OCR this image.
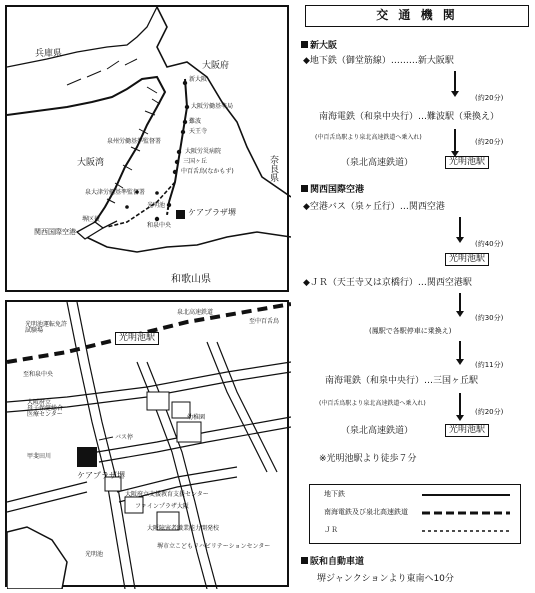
兵庫県
大阪府
奈良県
和歌山県
大阪湾
関西国際空港
新大阪
大阪労働基準局
難波
天王寺
大阪労災病院
三国ヶ丘
中百舌鳥(なかもず)
光明池
和泉中央
泉州労働基準監督署
泉大津労働基準監督署
堺区役
ケアプラザ堺
光明池運転免許
試験場
光明池駅
泉北高速鉄道
至中百舌鳥
至和泉中央
大阪府立
母子保健総合
医療センター	幼稚園
バス停
甲斐田川
ケアプラザ堺
大阪府立支援教育支援センター
ファインプラザ大阪
大阪障害者職業能力開発校
堺市立こどもリハビリテーションセンター
光明池
交 通 機 関
新大阪
◆地下鉄（御堂筋線）………新大阪駅
(約20分)
南海電鉄（和泉中央行）…難波駅（乗換え）
(中百舌鳥駅より泉北高速鉄道へ乗入れ)
(約20分)
（泉北高速鉄道）	光明池駅
関西国際空港
◆空港バス（泉ヶ丘行）…関西空港
(約40分)
光明池駅
◆ＪＲ（天王寺又は京橋行）…関西空港駅
(約30分)
(鳳駅で各駅停車に乗換え)
(約11分)
南海電鉄（和泉中央行）…三国ヶ丘駅
(中百舌鳥駅より泉北高速鉄道へ乗入れ)
(約20分)
（泉北高速鉄道）	光明池駅
※光明池駅より徒歩７分
地下鉄
南海電鉄及び泉北高速鉄道
ＪＲ
阪和自動車道
堺ジャンクションより東南へ10分
